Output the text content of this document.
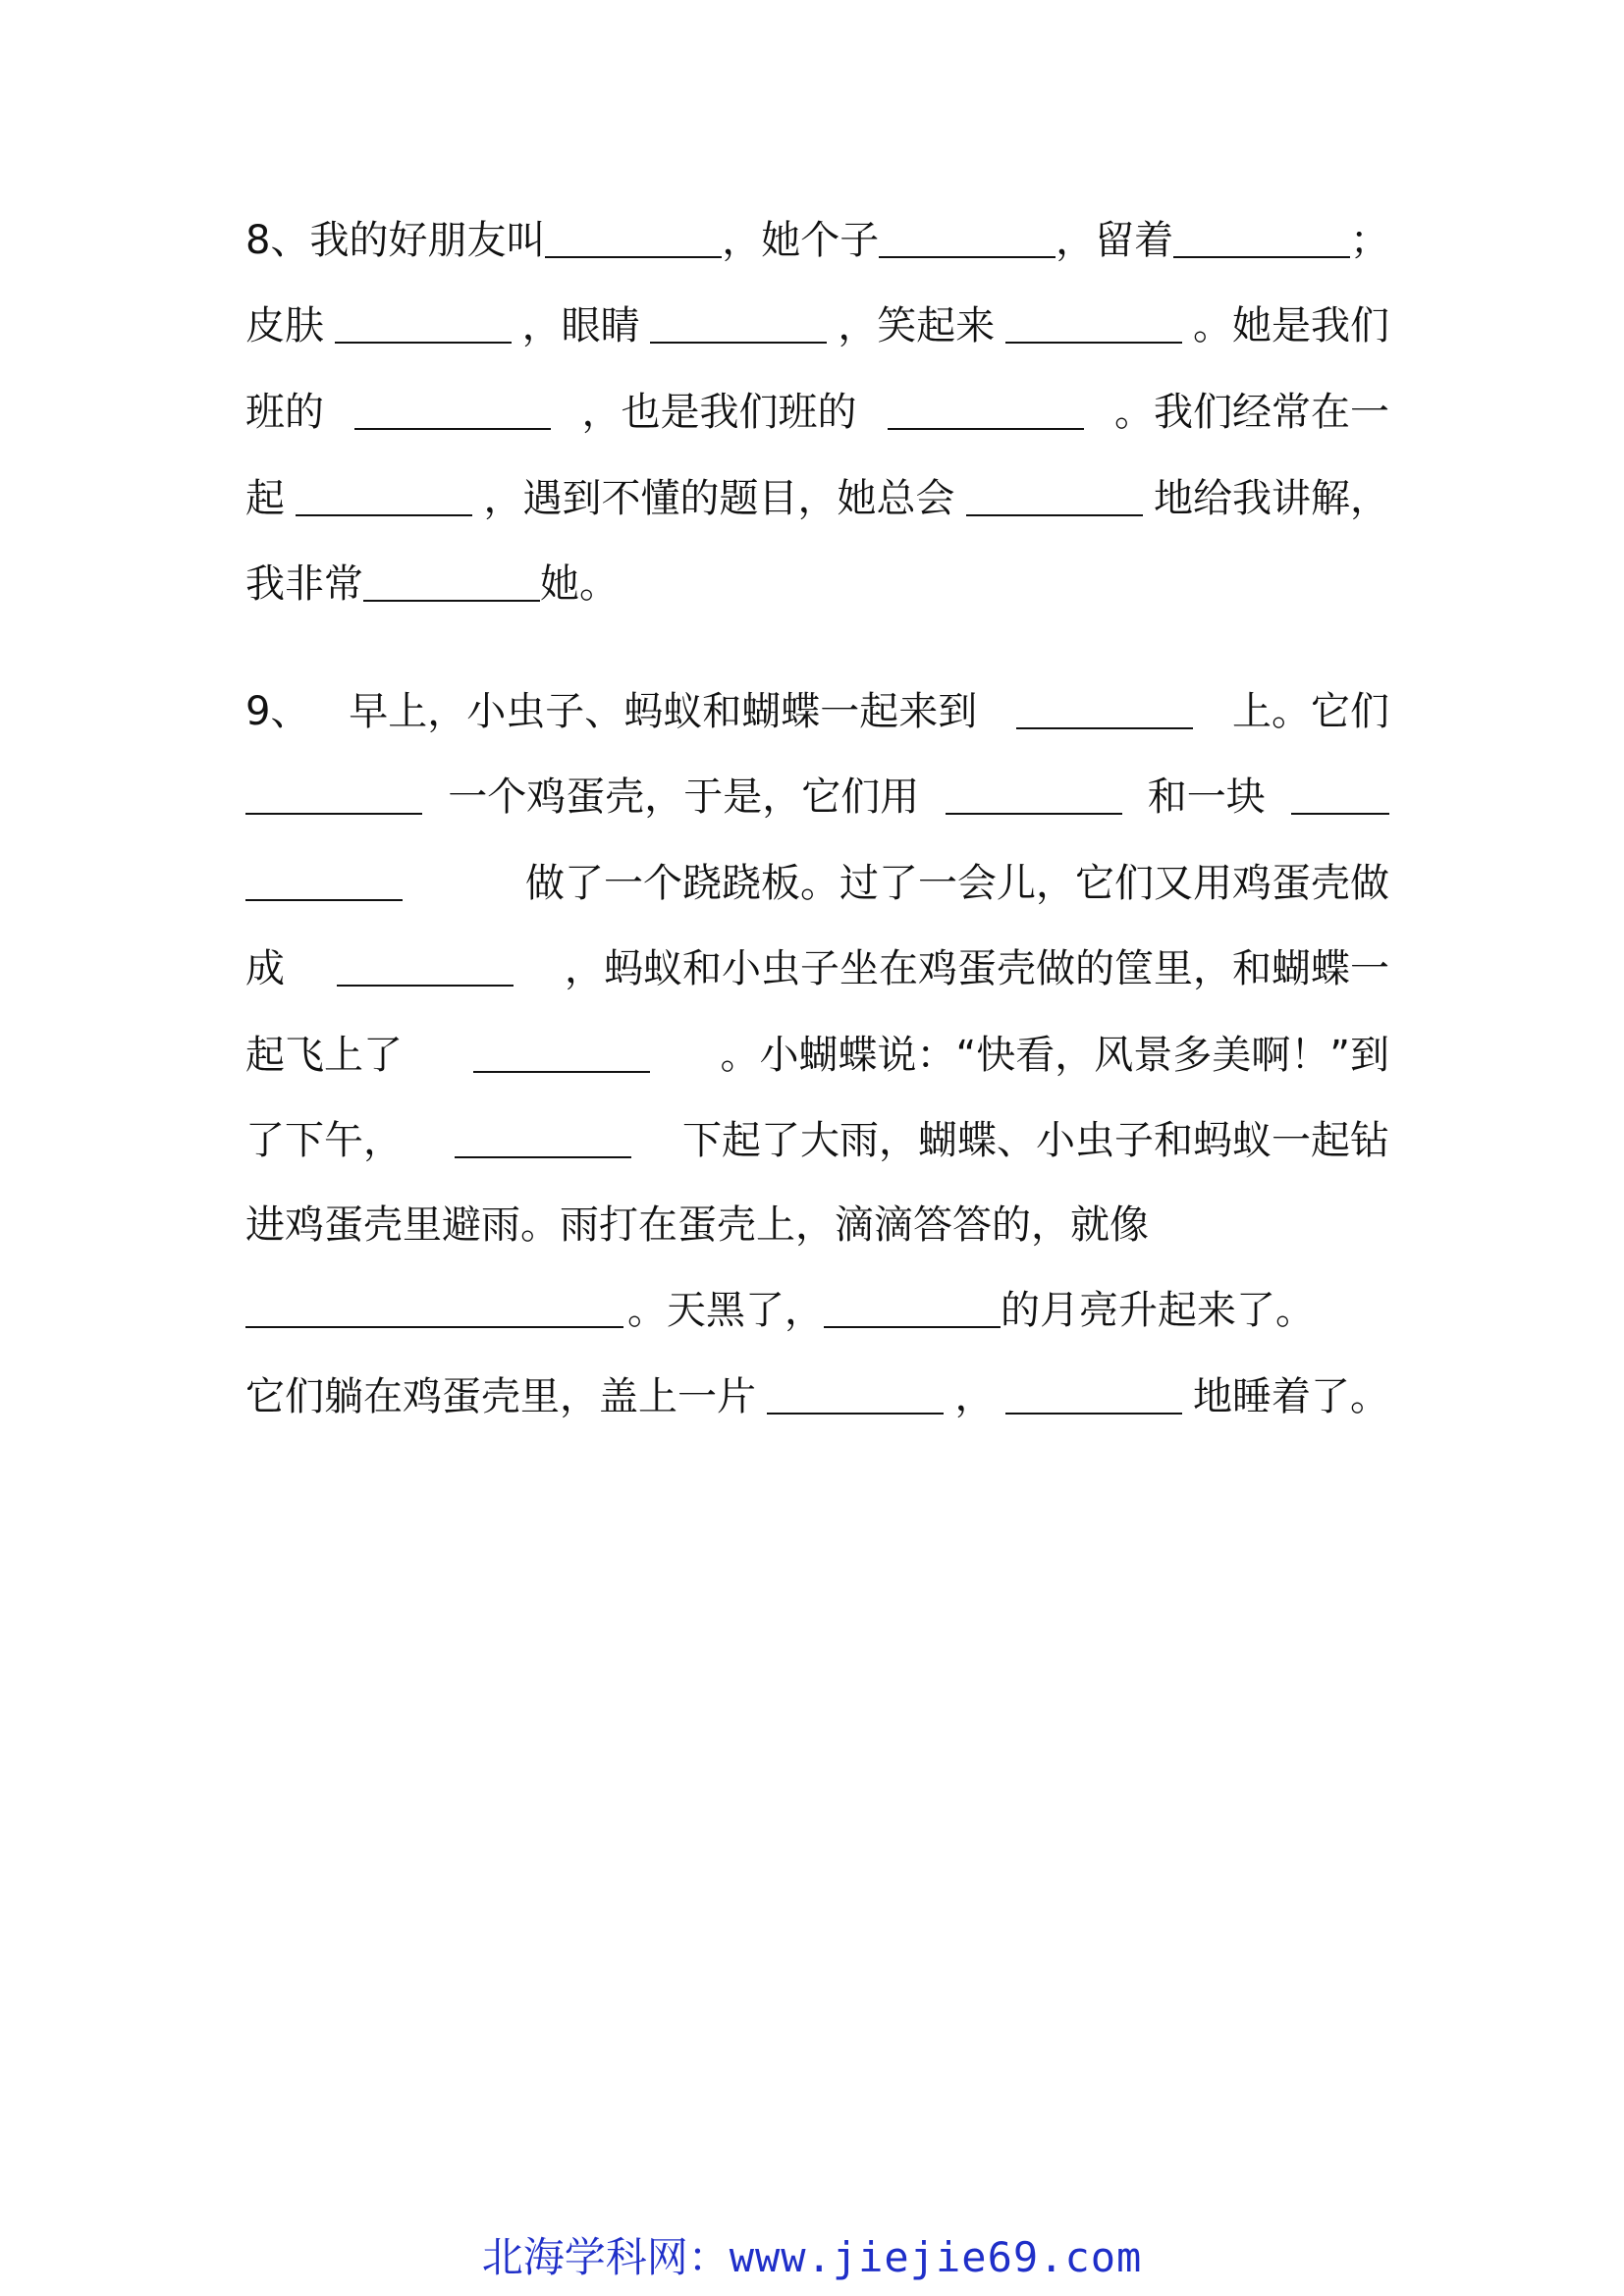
8、我的好朋友叫	，她个子	，留着	；
皮肤	，眼睛	，笑起来	。她是我们
班的	，也是我们班的	。我们经常在一
起	，遇到不懂的题目，她总会	地给我讲解，
我非常	她。
9、 早上，小虫子、蚂蚁和蝴蝶一起来到	上。它们
一个鸡蛋壳，于是，它们用	和一块
做了一个跷跷板。过了一会儿，它们又用鸡蛋壳做
成	，蚂蚁和小虫子坐在鸡蛋壳做的筐里，和蝴蝶一
起飞上了	。小蝴蝶说：“快看，风景多美啊！”到
了下午，	下起了大雨，蝴蝶、小虫子和蚂蚁一起钻
进鸡蛋壳里避雨。雨打在蛋壳上，滴滴答答的，就像
。天黑了，	的月亮升起来了。
它们躺在鸡蛋壳里，盖上一片	，	地睡着了。
北海学科网：www.jiejie69.com
